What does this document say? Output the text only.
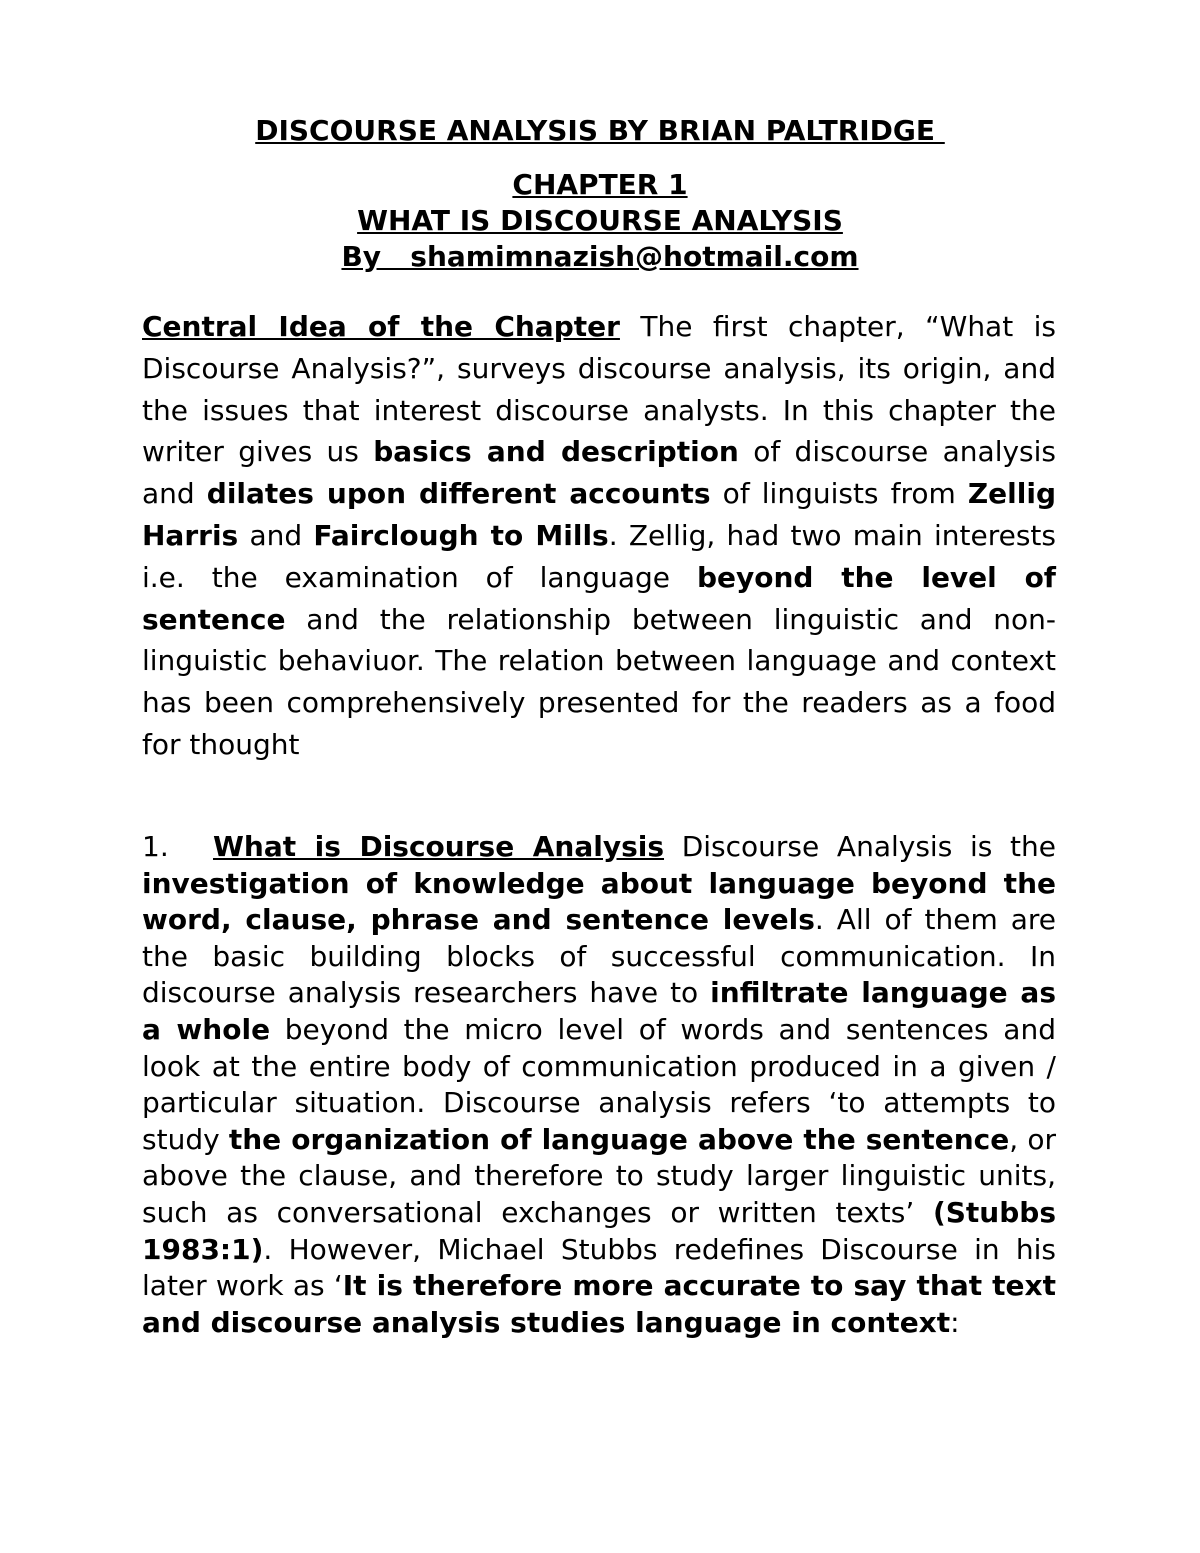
DISCOURSE ANALYSIS BY BRIAN PALTRIDGE
CHAPTER 1
WHAT IS DISCOURSE ANALYSIS
By   shamimnazish@hotmail.com
Central Idea of the Chapter The first chapter, “What is Discourse Analysis?”, surveys discourse analysis, its origin, and the issues that interest discourse analysts. In this chapter the writer gives us basics and description of discourse analysis and dilates upon different accounts of linguists from Zellig Harris and Fairclough to Mills. Zellig, had two main interests i.e. the examination of language beyond the level of sentence and the relationship between linguistic and non-linguistic behaviuor. The relation between language and context has been comprehensively presented for the readers as a food for thought
1. What is Discourse Analysis Discourse Analysis is the investigation of knowledge about language beyond the word, clause, phrase and sentence levels. All of them are the basic building blocks of successful communication. In discourse analysis researchers have to infiltrate language as a whole beyond the micro level of words and sentences and look at the entire body of communication produced in a given / particular situation. Discourse analysis refers ‘to attempts to study the organization of language above the sentence, or above the clause, and therefore to study larger linguistic units, such as conversational exchanges or written texts’ (Stubbs 1983:1). However, Michael Stubbs redefines Discourse in his later work as ‘It is therefore more accurate to say that text and discourse analysis studies language in context:
